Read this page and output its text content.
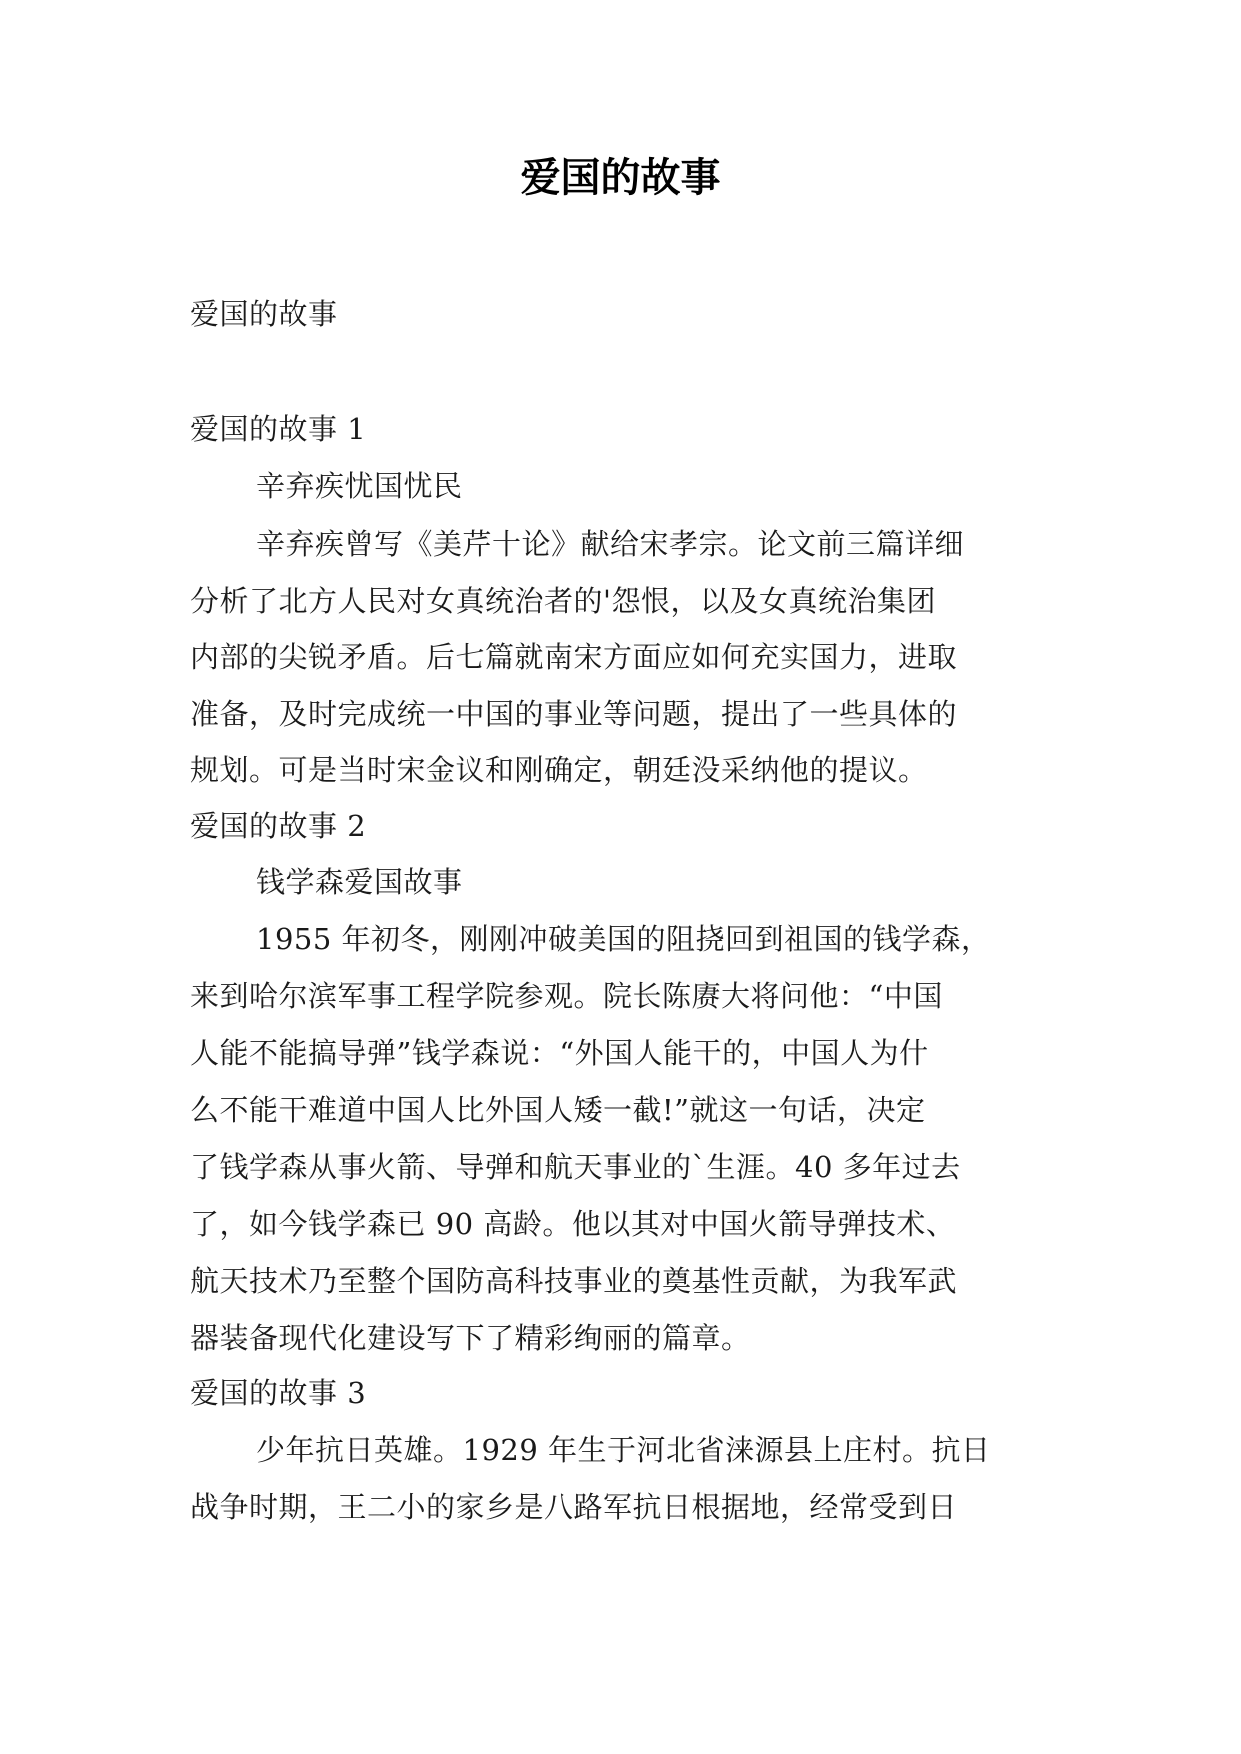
爱国的故事
爱国的故事
爱国的故事 1
辛弃疾忧国忧民
辛弃疾曾写《美芹十论》献给宋孝宗。论文前三篇详细
分析了北方人民对女真统治者的'怨恨，以及女真统治集团
内部的尖锐矛盾。后七篇就南宋方面应如何充实国力，进取
准备，及时完成统一中国的事业等问题，提出了一些具体的
规划。可是当时宋金议和刚确定，朝廷没采纳他的提议。
爱国的故事 2
钱学森爱国故事
1955 年初冬，刚刚冲破美国的阻挠回到祖国的钱学森，
来到哈尔滨军事工程学院参观。院长陈赓大将问他：“中国
人能不能搞导弹”钱学森说：“外国人能干的，中国人为什
么不能干难道中国人比外国人矮一截!”就这一句话，决定
了钱学森从事火箭、导弹和航天事业的`生涯。40 多年过去
了，如今钱学森已 90 高龄。他以其对中国火箭导弹技术、
航天技术乃至整个国防高科技事业的奠基性贡献，为我军武
器装备现代化建设写下了精彩绚丽的篇章。
爱国的故事 3
少年抗日英雄。1929 年生于河北省涞源县上庄村。抗日
战争时期，王二小的家乡是八路军抗日根据地，经常受到日
